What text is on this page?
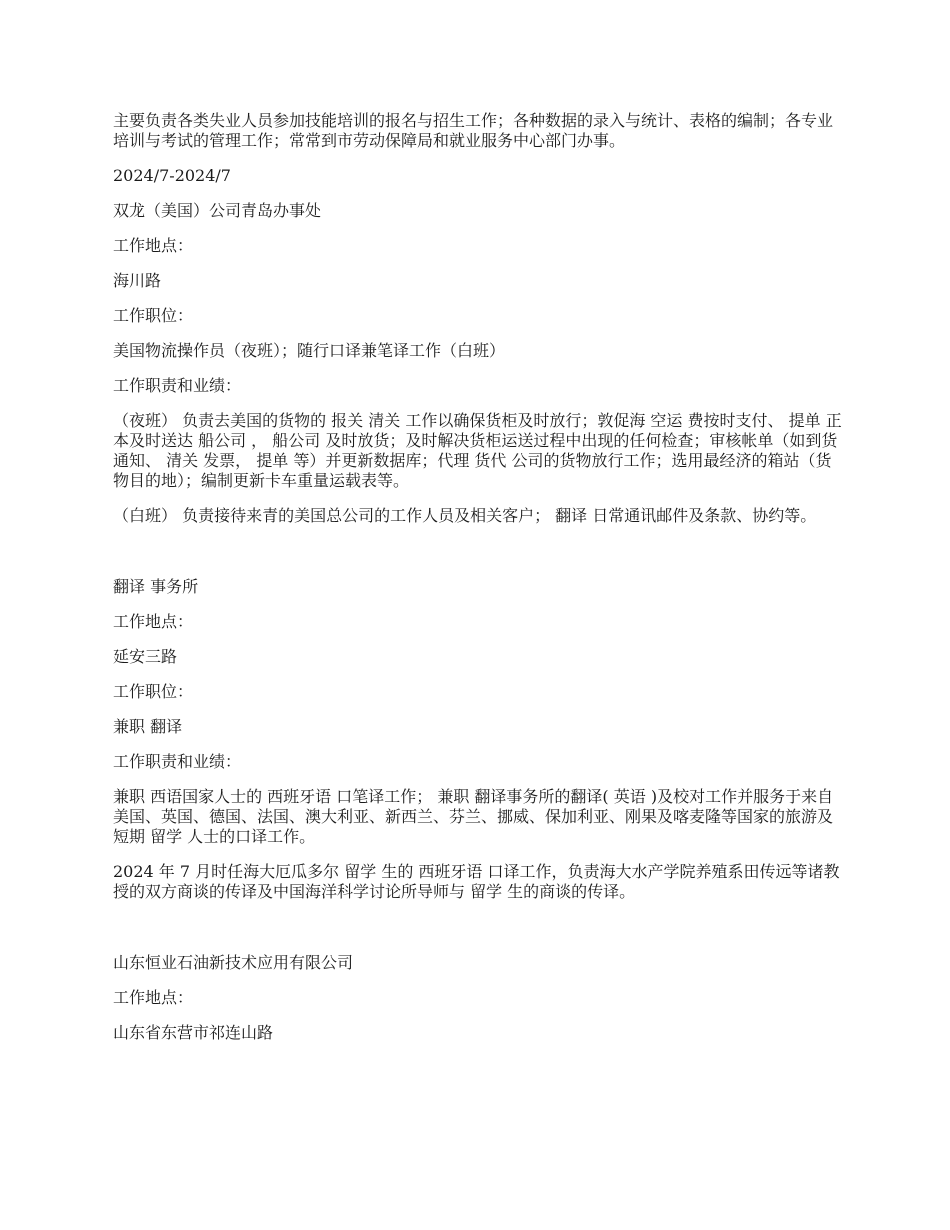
主要负责各类失业人员参加技能培训的报名与招生工作；各种数据的录入与统计、表格的编制；各专业培训与考试的管理工作；常常到市劳动保障局和就业服务中心部门办事。

2024/7-2024/7

双龙（美国）公司青岛办事处

工作地点：

海川路

工作职位：

美国物流操作员（夜班）；随行口译兼笔译工作（白班）

工作职责和业绩：

（夜班） 负责去美国的货物的 报关 清关 工作以确保货柜及时放行；敦促海 空运 费按时支付、 提单 正本及时送达 船公司 ， 船公司 及时放货；及时解决货柜运送过程中出现的任何检查；审核帐单（如到货通知、 清关 发票， 提单 等）并更新数据库；代理 货代 公司的货物放行工作；选用最经济的箱站（货物目的地）；编制更新卡车重量运载表等。

（白班） 负责接待来青的美国总公司的工作人员及相关客户； 翻译 日常通讯邮件及条款、协约等。

翻译 事务所

工作地点：

延安三路

工作职位：

兼职 翻译

工作职责和业绩：

兼职 西语国家人士的 西班牙语 口笔译工作； 兼职 翻译事务所的翻译( 英语 )及校对工作并服务于来自美国、英国、德国、法国、澳大利亚、新西兰、芬兰、挪威、保加利亚、刚果及喀麦隆等国家的旅游及短期 留学 人士的口译工作。

2024 年 7 月时任海大厄瓜多尔 留学 生的 西班牙语 口译工作，负责海大水产学院养殖系田传远等诸教授的双方商谈的传译及中国海洋科学讨论所导师与 留学 生的商谈的传译。

山东恒业石油新技术应用有限公司

工作地点：

山东省东营市祁连山路
